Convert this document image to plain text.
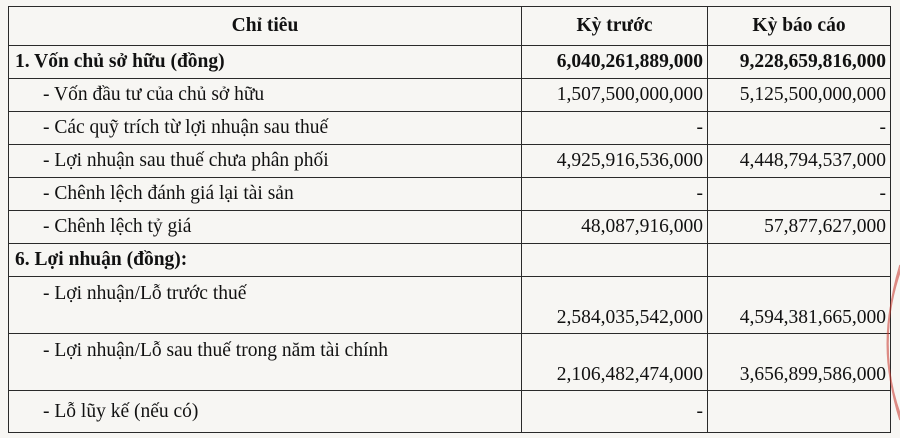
Chỉ tiêu	Kỳ trước	Kỳ báo cáo
1. Vốn chủ sở hữu (đồng)	6,040,261,889,000	9,228,659,816,000
- Vốn đầu tư của chủ sở hữu	1,507,500,000,000	5,125,500,000,000
- Các quỹ trích từ lợi nhuận sau thuế	-	-
- Lợi nhuận sau thuế chưa phân phối	4,925,916,536,000	4,448,794,537,000
- Chênh lệch đánh giá lại tài sản	-	-
- Chênh lệch tỷ giá	48,087,916,000	57,877,627,000
6. Lợi nhuận (đồng):		
- Lợi nhuận/Lỗ trước thuế	2,584,035,542,000	4,594,381,665,000
- Lợi nhuận/Lỗ sau thuế trong năm tài chính	2,106,482,474,000	3,656,899,586,000
- Lỗ lũy kế (nếu có)	-	
